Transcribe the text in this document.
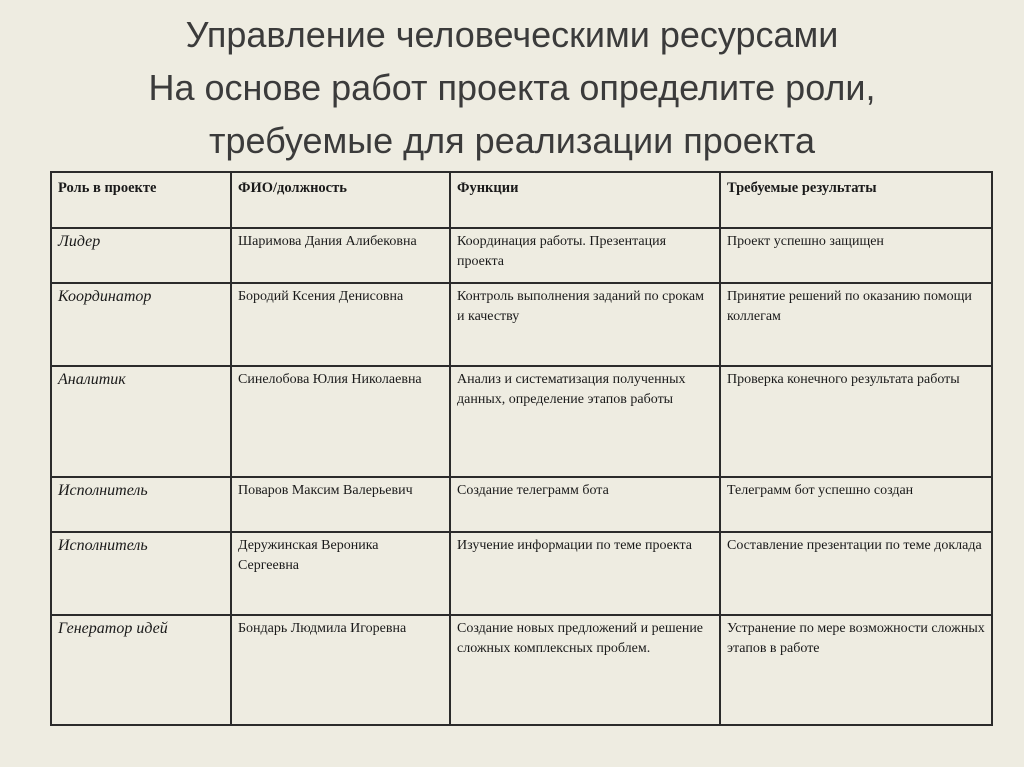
Управление человеческими ресурсами
На основе работ проекта определите роли,
требуемые для реализации проекта
Роль в проекте	ФИО/должность	Функции	Требуемые результаты
Лидер	Шаримова Дания Алибековна	Координация работы. Презентация проекта	Проект успешно защищен
Координатор	Бородий Ксения Денисовна	Контроль выполнения заданий по срокам и качеству	Принятие решений по оказанию помощи коллегам
Аналитик	Синелобова Юлия Николаевна	Анализ и систематизация полученных данных, определение этапов работы	Проверка конечного результата работы
Исполнитель	Поваров Максим Валерьевич	Создание телеграмм бота	Телеграмм бот успешно создан
Исполнитель	Деружинская Вероника Сергеевна	Изучение информации по теме проекта	Составление презентации по теме доклада
Генератор идей	Бондарь Людмила Игоревна	Создание новых предложений и решение сложных комплексных проблем.	Устранение по мере возможности сложных этапов в работе
